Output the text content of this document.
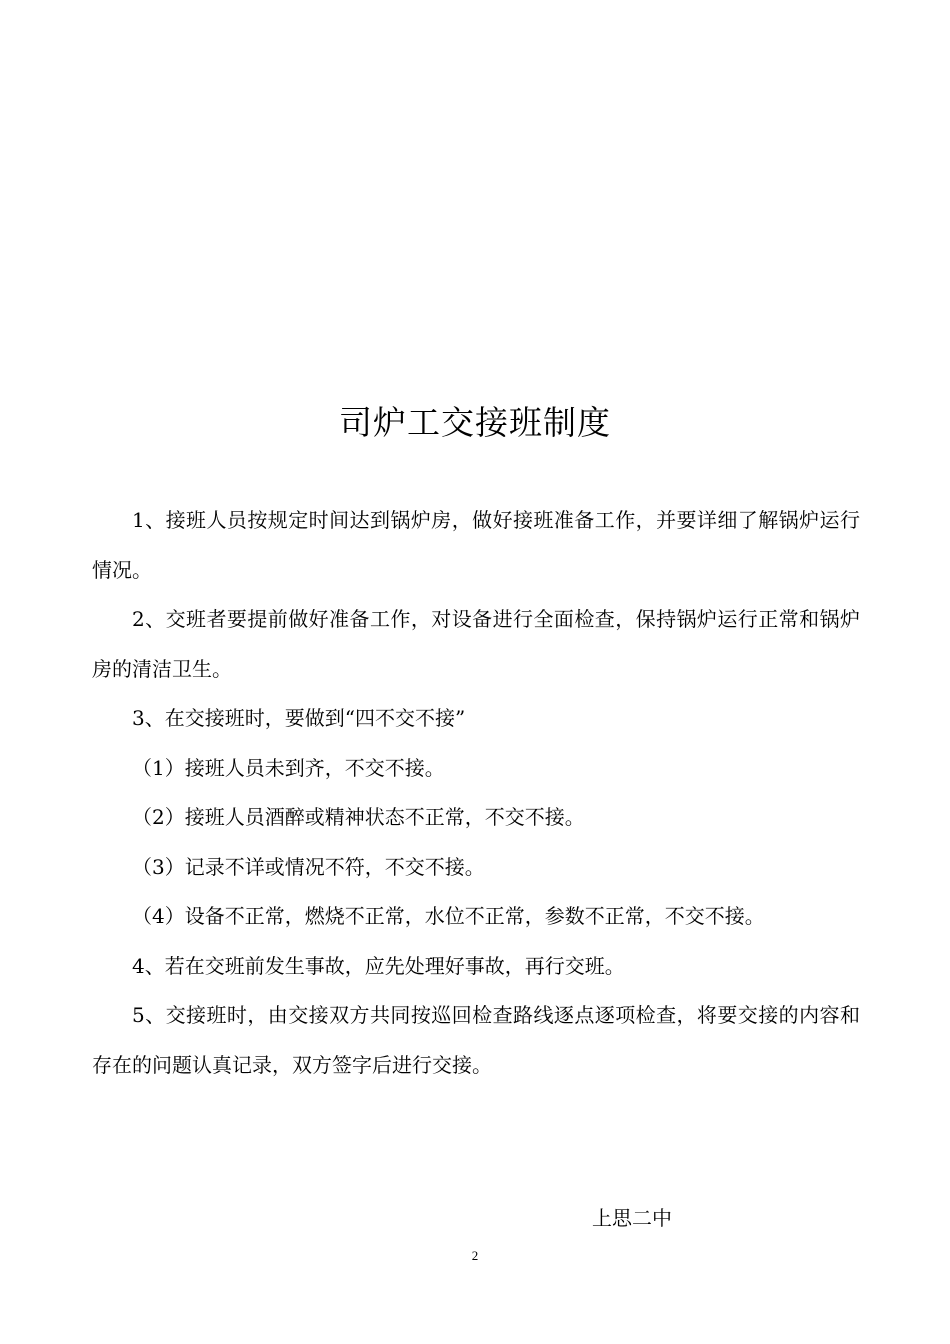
司炉工交接班制度

1、接班人员按规定时间达到锅炉房，做好接班准备工作，并要详细了解锅炉运行情况。

2、交班者要提前做好准备工作，对设备进行全面检查，保持锅炉运行正常和锅炉房的清洁卫生。

3、在交接班时，要做到“四不交不接”

（1）接班人员未到齐，不交不接。

（2）接班人员酒醉或精神状态不正常，不交不接。

（3）记录不详或情况不符，不交不接。

（4）设备不正常，燃烧不正常，水位不正常，参数不正常，不交不接。

4、若在交班前发生事故，应先处理好事故，再行交班。

5、交接班时，由交接双方共同按巡回检查路线逐点逐项检查，将要交接的内容和存在的问题认真记录，双方签字后进行交接。

上思二中
2
